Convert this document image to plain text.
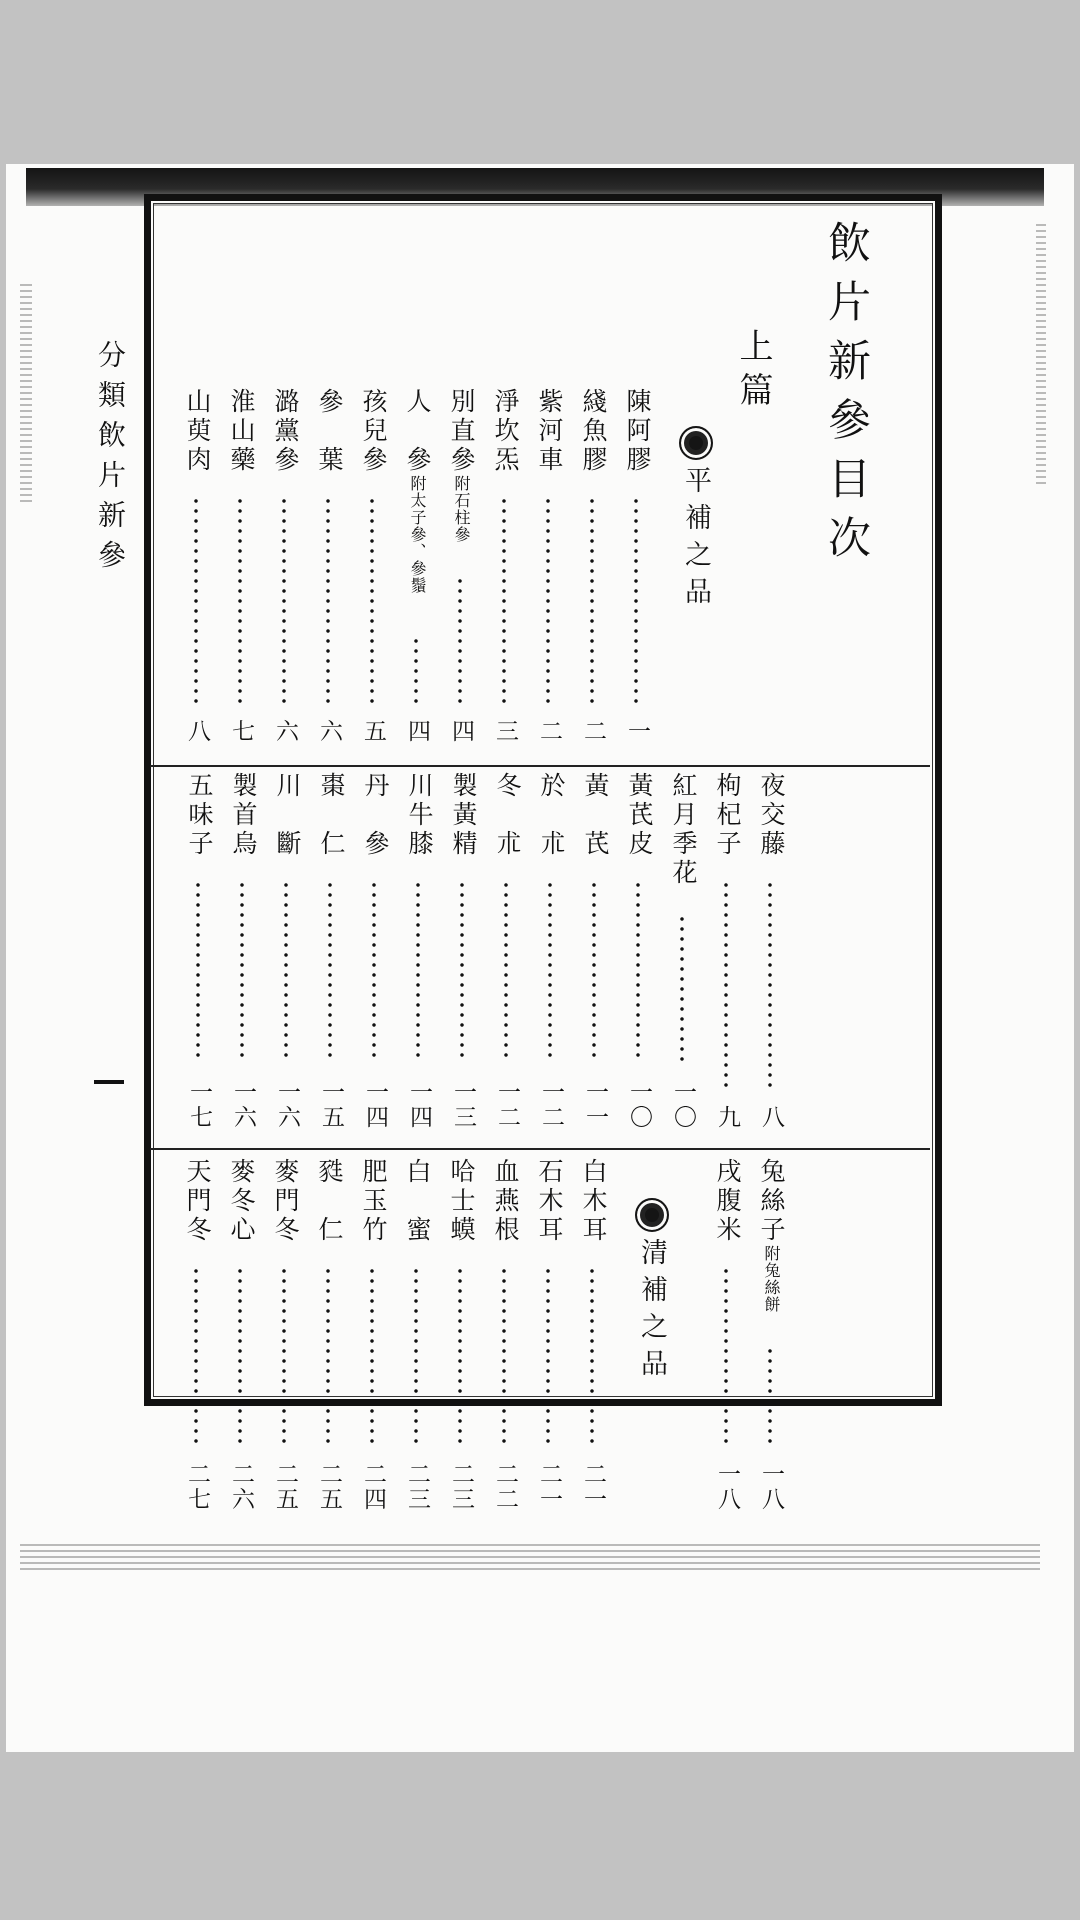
飲片新參目次
上篇
平補之品
清補之品
分類飲片新參	陳阿膠
一
綫魚膠
二
紫河車
二
淨坎炁
三
別直參附石柱參
四
人　參附太子參、參鬚
四
孩兒參
五
參　葉
六
潞黨參
六
淮山藥
七
山萸肉
八
夜交藤
八
枸杞子
九
紅月季花
一〇
黃芪皮
一〇
黃　芪
一一
於　朮
一二
冬　朮
一二
製黃精
一三
川牛膝
一四
丹　參
一四
棗　仁
一五
川　斷
一六
製首烏
一六
五味子
一七
兔絲子附兔絲餅
一八
戌腹米
一八
白木耳
二一
石木耳
二一
血燕根
二二
哈士蟆
二三
白　蜜
二三
肥玉竹
二四
甤　仁
二五
麥門冬
二五
麥冬心
二六
天門冬
二七
